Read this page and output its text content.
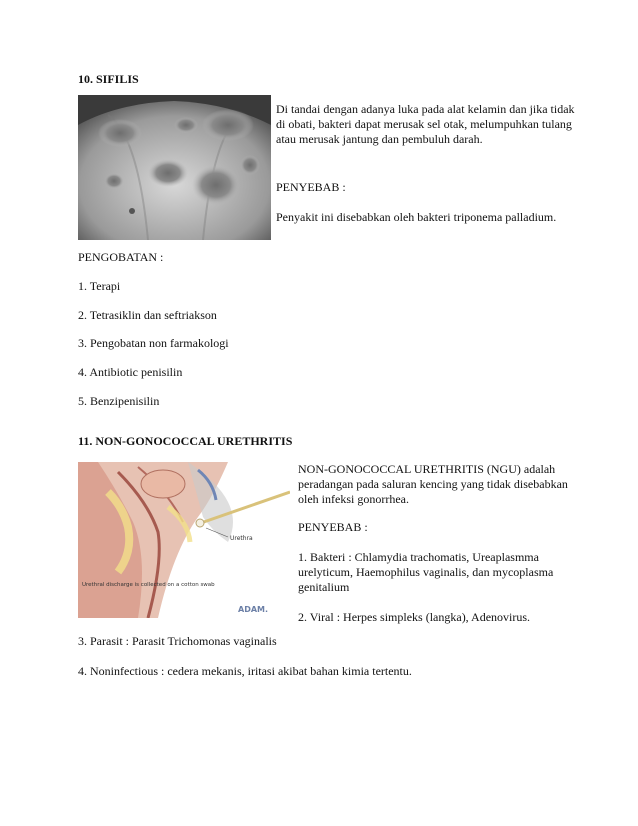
10. SIFILIS
Di tandai dengan adanya luka pada alat kelamin dan jika tidak di obati, bakteri dapat merusak sel otak, melumpuhkan tulang atau merusak jantung dan pembuluh darah.
PENYEBAB :
Penyakit ini disebabkan oleh bakteri triponema palladium.
PENGOBATAN :
1. Terapi
2. Tetrasiklin dan seftriakson
3. Pengobatan non farmakologi
4. Antibiotic penisilin
5. Benzipenisilin
11. NON-GONOCOCCAL URETHRITIS
Urethra
Urethral discharge is collected on a cotton swab
ADAM.
NON-GONOCOCCAL URETHRITIS (NGU) adalah peradangan pada saluran kencing yang tidak disebabkan oleh infeksi gonorrhea.
PENYEBAB :
1. Bakteri : Chlamydia trachomatis, Ureaplasmma urelyticum, Haemophilus vaginalis, dan mycoplasma genitalium
2. Viral : Herpes simpleks (langka), Adenovirus.
3. Parasit : Parasit Trichomonas vaginalis
4. Noninfectious : cedera mekanis, iritasi akibat bahan kimia tertentu.
